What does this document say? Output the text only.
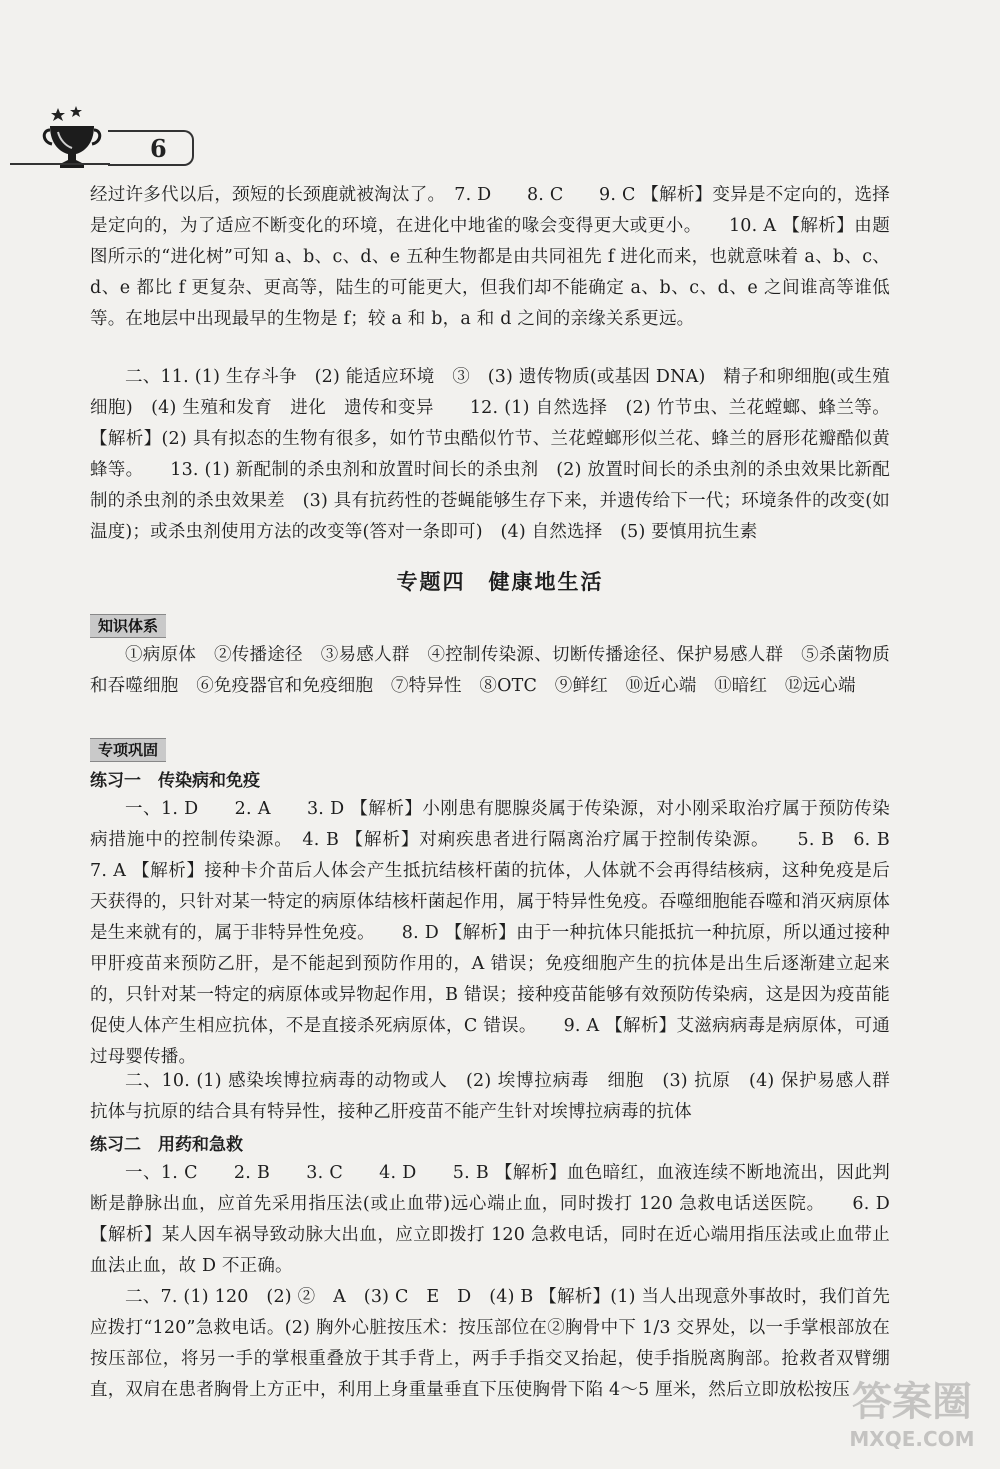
6

经过许多代以后，颈短的长颈鹿就被淘汰了。　7. D　　8. C　　9. C 【解析】变异是不定向的，选择是定向的，为了适应不断变化的环境，在进化中地雀的喙会变得更大或更小。　　10. A 【解析】由题图所示的“进化树”可知 a、b、c、d、e 五种生物都是由共同祖先 f 进化而来，也就意味着 a、b、c、d、e 都比 f 更复杂、更高等，陆生的可能更大，但我们却不能确定 a、b、c、d、e 之间谁高等谁低等。在地层中出现最早的生物是 f；较 a 和 b，a 和 d 之间的亲缘关系更远。

二、11. (1) 生存斗争　(2) 能适应环境　③　(3) 遗传物质(或基因 DNA)　精子和卵细胞(或生殖细胞)　(4) 生殖和发育　进化　遗传和变异　　12. (1) 自然选择　(2) 竹节虫、兰花螳螂、蜂兰等。【解析】(2) 具有拟态的生物有很多，如竹节虫酷似竹节、兰花螳螂形似兰花、蜂兰的唇形花瓣酷似黄蜂等。　　13. (1) 新配制的杀虫剂和放置时间长的杀虫剂　(2) 放置时间长的杀虫剂的杀虫效果比新配制的杀虫剂的杀虫效果差　(3) 具有抗药性的苍蝇能够生存下来，并遗传给下一代；环境条件的改变(如温度)；或杀虫剂使用方法的改变等(答对一条即可)　(4) 自然选择　(5) 要慎用抗生素

专题四　健康地生活
知识体系

①病原体　②传播途径　③易感人群　④控制传染源、切断传播途径、保护易感人群　⑤杀菌物质和吞噬细胞　⑥免疫器官和免疫细胞　⑦特异性　⑧OTC　⑨鲜红　⑩近心端　⑪暗红　⑫远心端

专项巩固
练习一　传染病和免疫

一、1. D　　2. A　　3. D 【解析】小刚患有腮腺炎属于传染源，对小刚采取治疗属于预防传染病措施中的控制传染源。　4. B 【解析】对痢疾患者进行隔离治疗属于控制传染源。　　5. B　6. B　　7. A 【解析】接种卡介苗后人体会产生抵抗结核杆菌的抗体，人体就不会再得结核病，这种免疫是后天获得的，只针对某一特定的病原体结核杆菌起作用，属于特异性免疫。吞噬细胞能吞噬和消灭病原体是生来就有的，属于非特异性免疫。　　8. D 【解析】由于一种抗体只能抵抗一种抗原，所以通过接种甲肝疫苗来预防乙肝，是不能起到预防作用的，A 错误；免疫细胞产生的抗体是出生后逐渐建立起来的，只针对某一特定的病原体或异物起作用，B 错误；接种疫苗能够有效预防传染病，这是因为疫苗能促使人体产生相应抗体，不是直接杀死病原体，C 错误。　　9. A 【解析】艾滋病病毒是病原体，可通过母婴传播。

二、10. (1) 感染埃博拉病毒的动物或人　(2) 埃博拉病毒　细胞　(3) 抗原　(4) 保护易感人群　抗体与抗原的结合具有特异性，接种乙肝疫苗不能产生针对埃博拉病毒的抗体

练习二　用药和急救

一、1. C　　2. B　　3. C　　4. D　　5. B 【解析】血色暗红，血液连续不断地流出，因此判断是静脉出血，应首先采用指压法(或止血带)远心端止血，同时拨打 120 急救电话送医院。　　6. D 【解析】某人因车祸导致动脉大出血，应立即拨打 120 急救电话，同时在近心端用指压法或止血带止血法止血，故 D 不正确。

二、7. (1) 120　(2) ②　A　(3) C　E　D　(4) B 【解析】(1) 当人出现意外事故时，我们首先应拨打“120”急救电话。(2) 胸外心脏按压术：按压部位在②胸骨中下 1/3 交界处，以一手掌根部放在按压部位，将另一手的掌根重叠放于其手背上，两手手指交叉抬起，使手指脱离胸部。抢救者双臂绷直，双肩在患者胸骨上方正中，利用上身重量垂直下压使胸骨下陷 4～5 厘米，然后立即放松按压 答案圈
MXQE.COM
